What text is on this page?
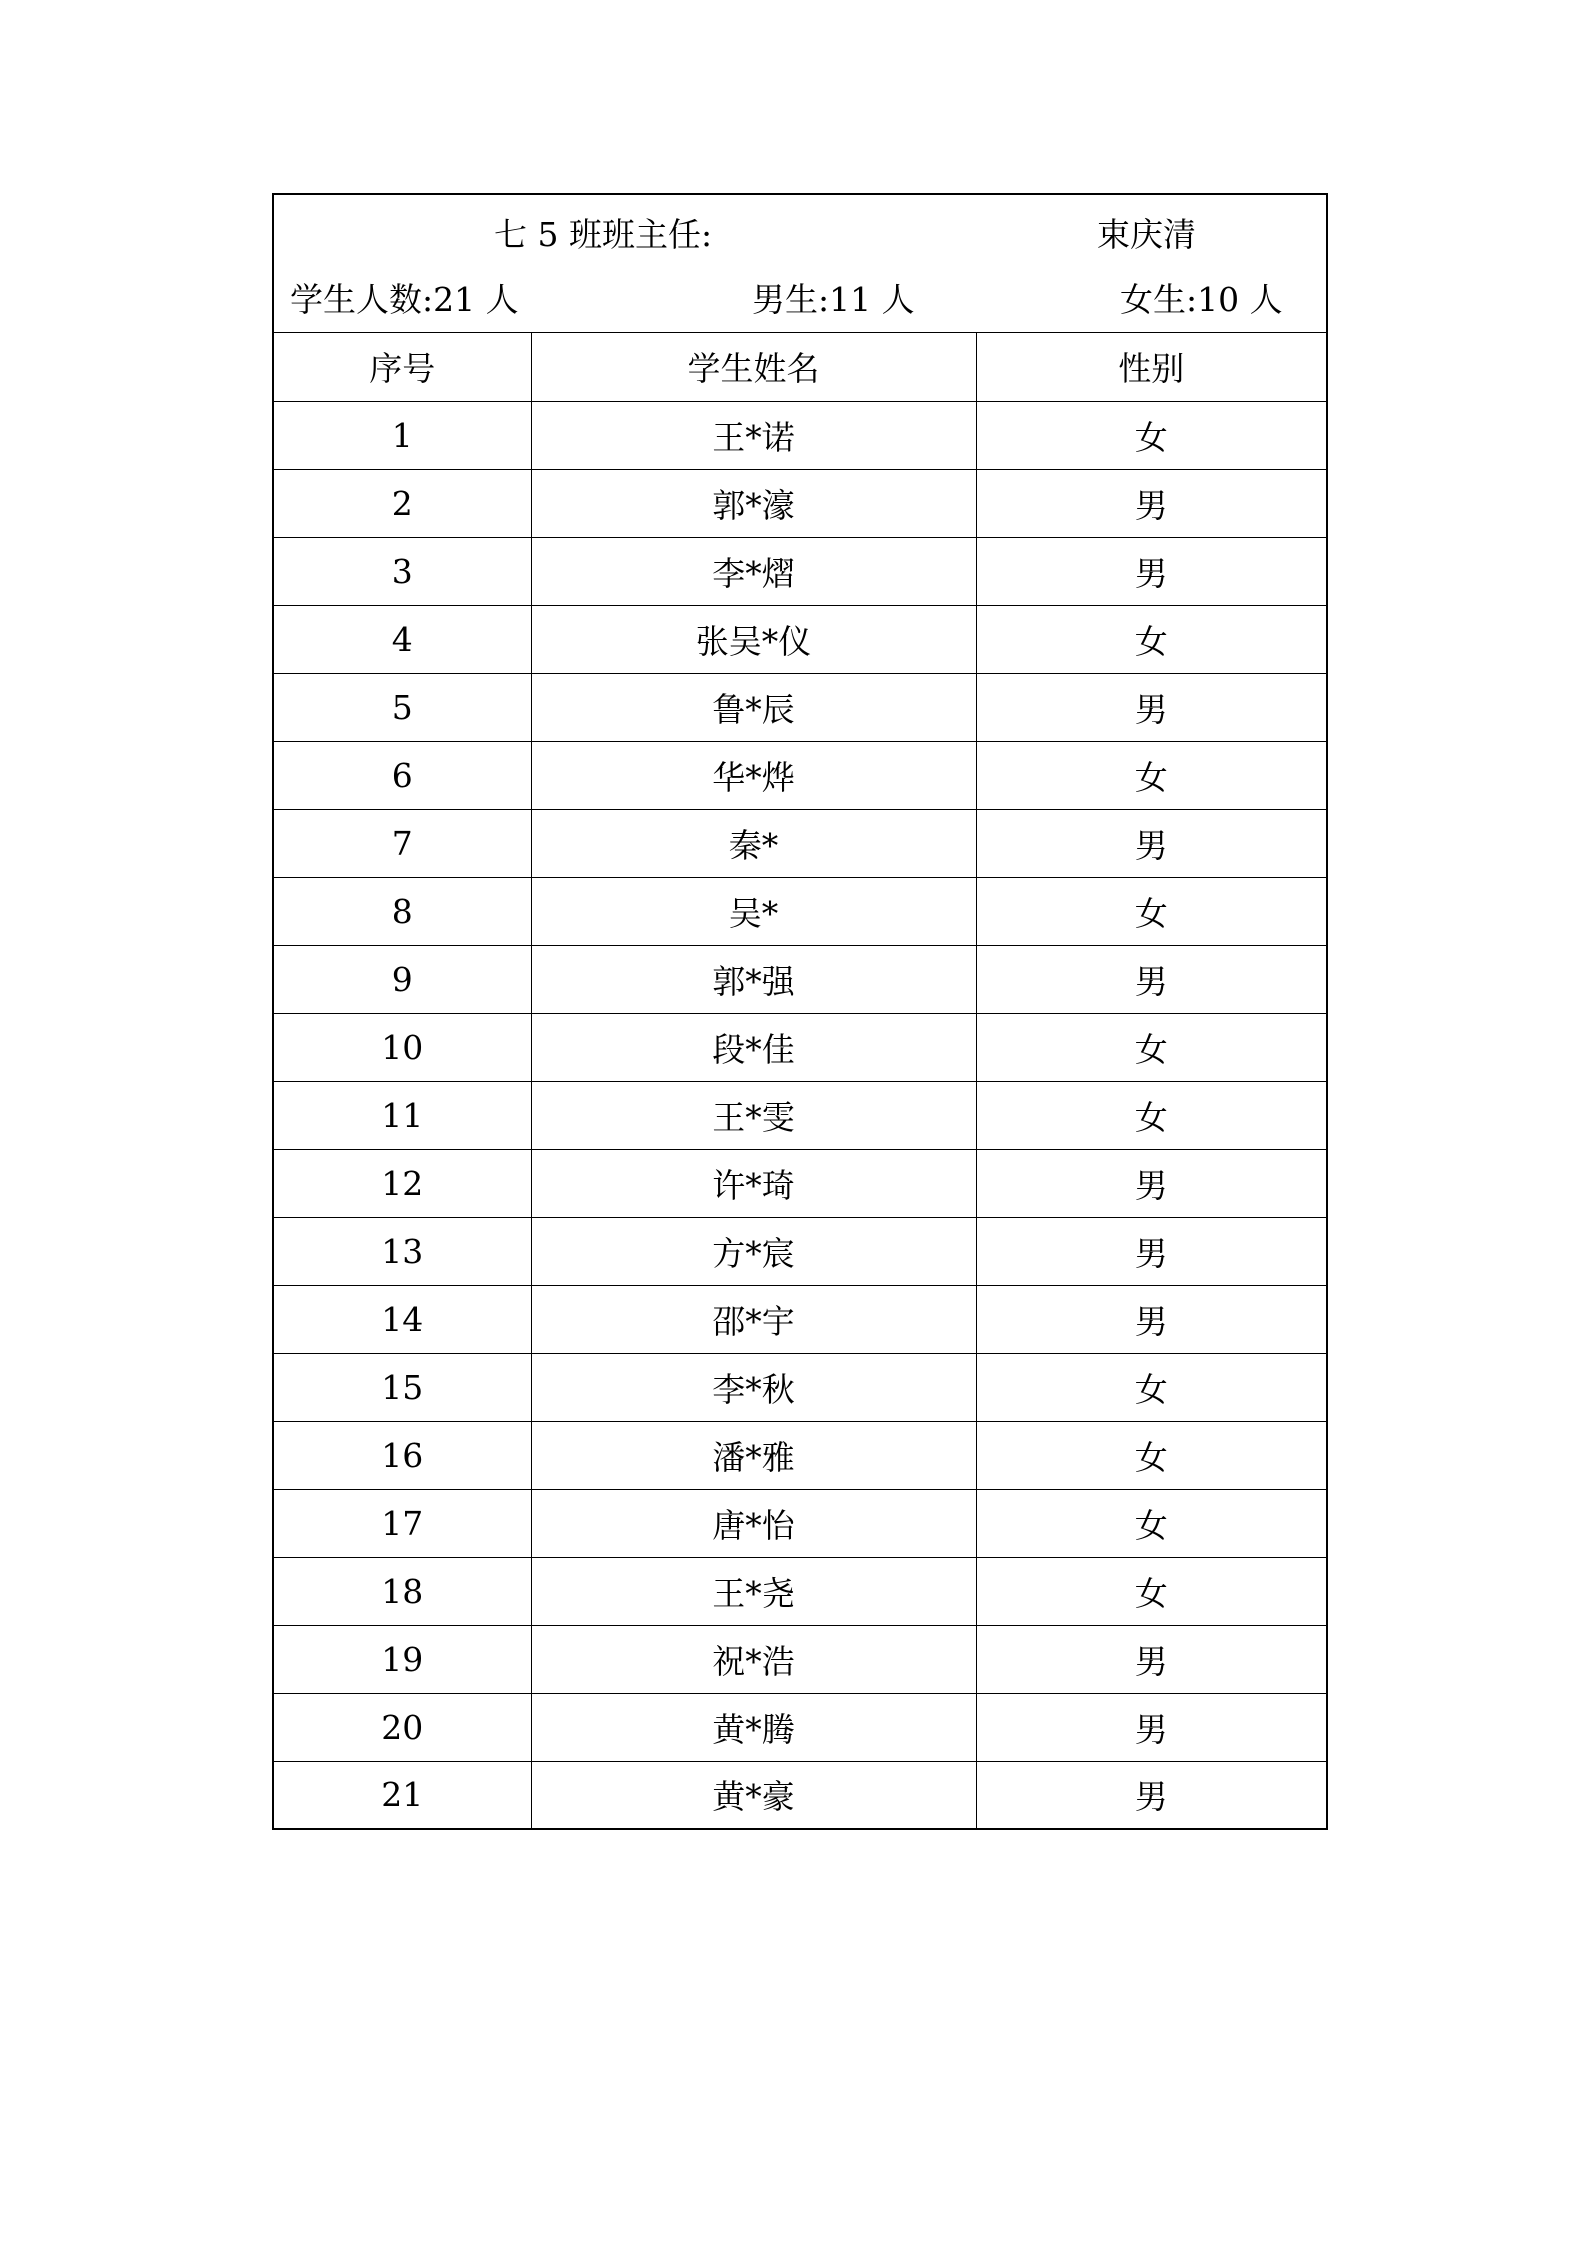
七 5 班班主任:	束庆清
学生人数:21 人	男生:11 人	女生:10 人
序号	学生姓名	性别
1	王*诺	女
2	郭*濠	男
3	李*熠	男
4	张吴*仪	女
5	鲁*辰	男
6	华*烨	女
7	秦*	男
8	吴*	女
9	郭*强	男
10	段*佳	女
11	王*雯	女
12	许*琦	男
13	方*宸	男
14	邵*宇	男
15	李*秋	女
16	潘*雅	女
17	唐*怡	女
18	王*尧	女
19	祝*浩	男
20	黄*腾	男
21	黄*豪	男
